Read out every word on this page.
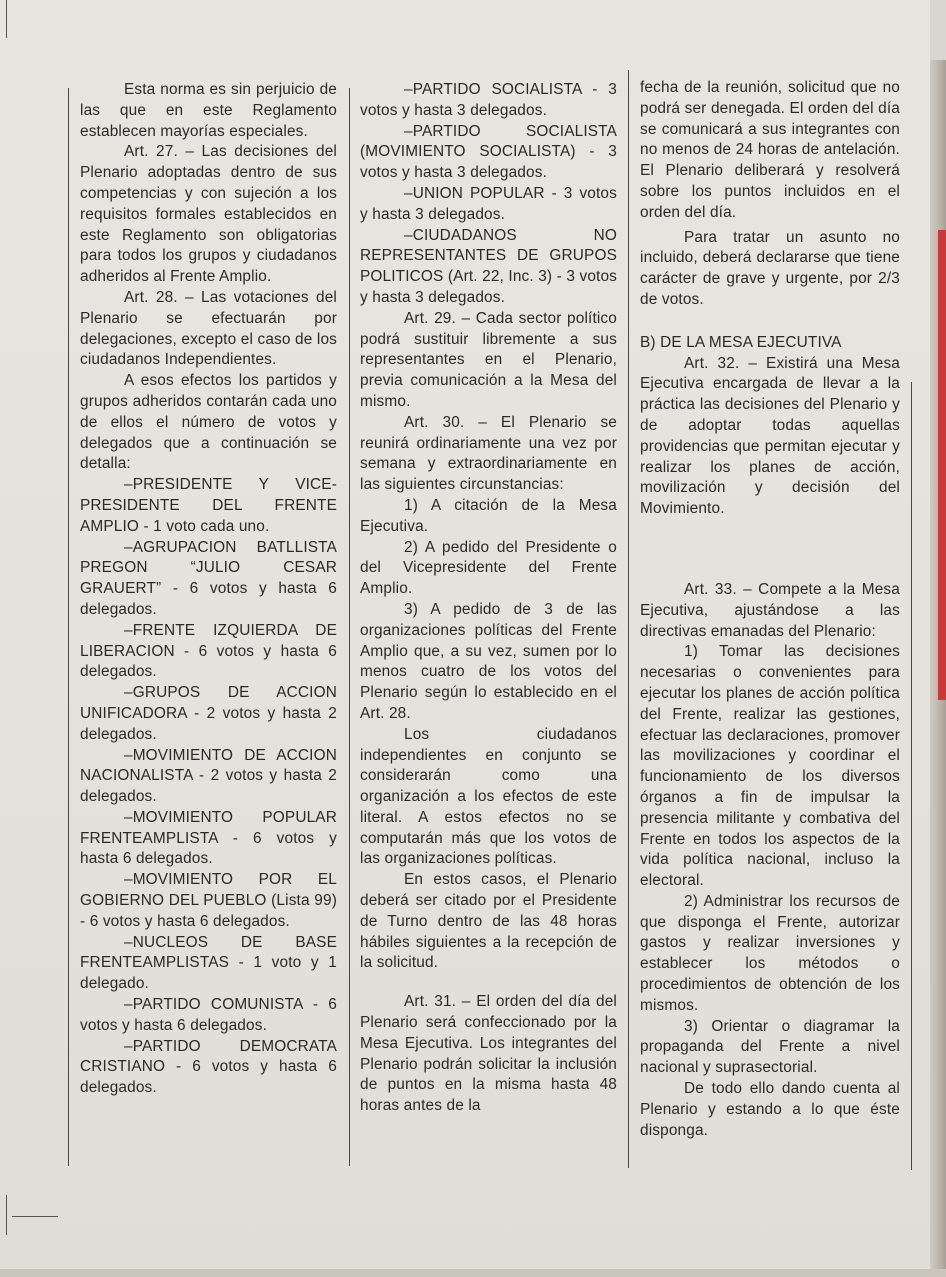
Esta norma es sin perjuicio de las que en este Reglamento establecen mayorías especiales.

Art. 27. – Las decisiones del Plenario adoptadas dentro de sus competencias y con sujeción a los requisitos formales establecidos en este Reglamento son obligatorias para todos los grupos y ciudadanos adheridos al Frente Amplio.

Art. 28. – Las votaciones del Plenario se efectuarán por delegaciones, excepto el caso de los ciudadanos Independientes.

A esos efectos los partidos y grupos adheridos contarán cada uno de ellos el número de votos y delegados que a continuación se detalla:

–PRESIDENTE Y VICE-PRESIDENTE DEL FRENTE AMPLIO - 1 voto cada uno.

–AGRUPACION BATLLISTA PREGON “JULIO CESAR GRAUERT” - 6 votos y hasta 6 delegados.

–FRENTE IZQUIERDA DE LIBERACION - 6 votos y hasta 6 delegados.

–GRUPOS DE ACCION UNIFICADORA - 2 votos y hasta 2 delegados.

–MOVIMIENTO DE ACCION NACIONALISTA - 2 votos y hasta 2 delegados.

–MOVIMIENTO POPULAR FRENTEAMPLISTA - 6 votos y hasta 6 delegados.

–MOVIMIENTO POR EL GOBIERNO DEL PUEBLO (Lista 99) - 6 votos y hasta 6 delegados.

–NUCLEOS DE BASE FRENTEAMPLISTAS - 1 voto y 1 delegado.

–PARTIDO COMUNISTA - 6 votos y hasta 6 delegados.

–PARTIDO DEMOCRATA CRISTIANO - 6 votos y hasta 6 delegados.

–PARTIDO SOCIALISTA - 3 votos y hasta 3 delegados.

–PARTIDO SOCIALISTA (MOVIMIENTO SOCIALISTA) - 3 votos y hasta 3 delegados.

–UNION POPULAR - 3 votos y hasta 3 delegados.

–CIUDADANOS NO REPRESENTANTES DE GRUPOS POLITICOS (Art. 22, Inc. 3) - 3 votos y hasta 3 delegados.

Art. 29. – Cada sector político podrá sustituir libremente a sus representantes en el Plenario, previa comunicación a la Mesa del mismo.

Art. 30. – El Plenario se reunirá ordinariamente una vez por semana y extraordinariamente en las siguientes circunstancias:

1) A citación de la Mesa Ejecutiva.

2) A pedido del Presidente o del Vicepresidente del Frente Amplio.

3) A pedido de 3 de las organizaciones políticas del Frente Amplio que, a su vez, sumen por lo menos cuatro de los votos del Plenario según lo establecido en el Art. 28.

Los ciudadanos independientes en conjunto se considerarán como una organización a los efectos de este literal. A estos efectos no se computarán más que los votos de las organizaciones políticas.

En estos casos, el Plenario deberá ser citado por el Presidente de Turno dentro de las 48 horas hábiles siguientes a la recepción de la solicitud.

Art. 31. – El orden del día del Plenario será confeccionado por la Mesa Ejecutiva. Los integrantes del Plenario podrán solicitar la inclusión de puntos en la misma hasta 48 horas antes de la

fecha de la reunión, solicitud que no podrá ser denegada. El orden del día se comunicará a sus integrantes con no menos de 24 horas de antelación. El Plenario deliberará y resolverá sobre los puntos incluidos en el orden del día.

Para tratar un asunto no incluido, deberá declararse que tiene carácter de grave y urgente, por 2/3 de votos.

B) DE LA MESA EJECUTIVA

Art. 32. – Existirá una Mesa Ejecutiva encargada de llevar a la práctica las decisiones del Plenario y de adoptar todas aquellas providencias que permitan ejecutar y realizar los planes de acción, movilización y decisión del Movimiento.

Art. 33. – Compete a la Mesa Ejecutiva, ajustándose a las directivas emanadas del Plenario:

1) Tomar las decisiones necesarias o convenientes para ejecutar los planes de acción política del Frente, realizar las gestiones, efectuar las declaraciones, promover las movilizaciones y coordinar el funcionamiento de los diversos órganos a fin de impulsar la presencia militante y combativa del Frente en todos los aspectos de la vida política nacional, incluso la electoral.

2) Administrar los recursos de que disponga el Frente, autorizar gastos y realizar inversiones y establecer los métodos o procedimientos de obtención de los mismos.

3) Orientar o diagramar la propaganda del Frente a nivel nacional y suprasectorial.

De todo ello dando cuenta al Plenario y estando a lo que éste disponga.
